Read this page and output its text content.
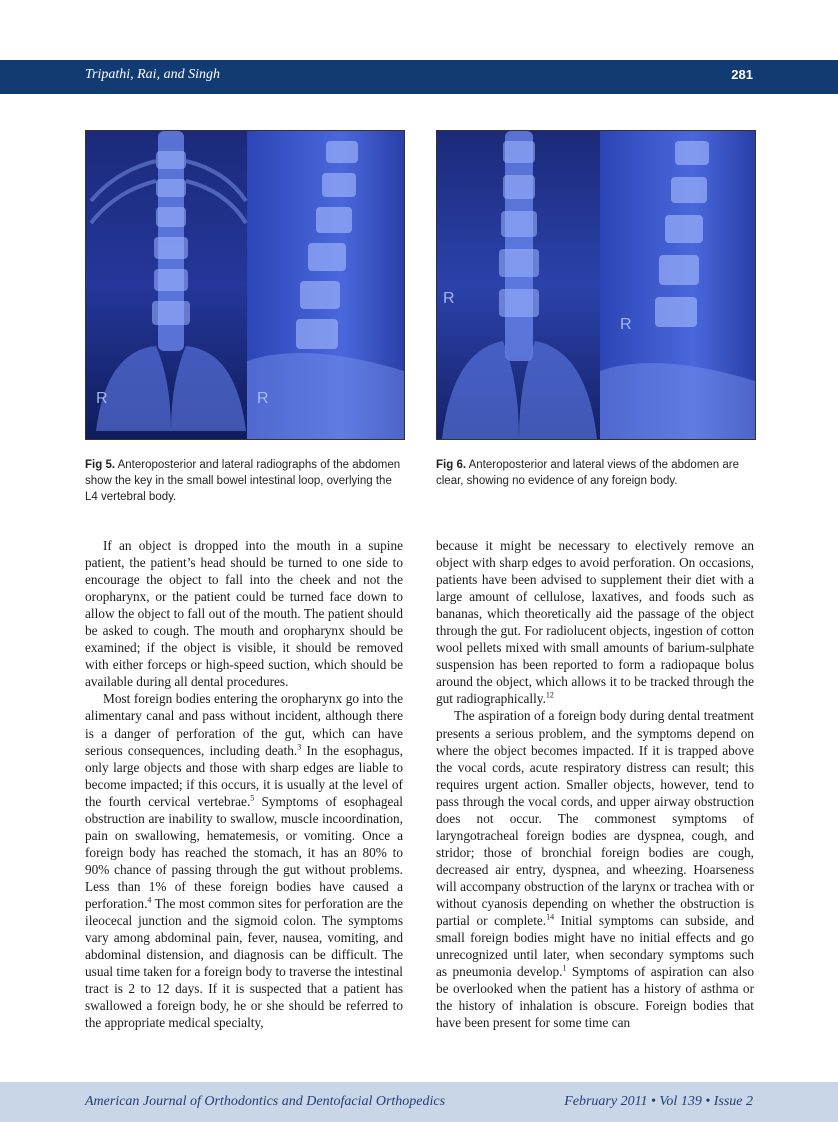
Tripathi, Rai, and Singh	281
R	R
R
R
Fig 5. Anteroposterior and lateral radiographs of the abdomen show the key in the small bowel intestinal loop, overlying the L4 vertebral body.
Fig 6. Anteroposterior and lateral views of the abdomen are clear, showing no evidence of any foreign body.

If an object is dropped into the mouth in a supine patient, the patient’s head should be turned to one side to encourage the object to fall into the cheek and not the oropharynx, or the patient could be turned face down to allow the object to fall out of the mouth. The patient should be asked to cough. The mouth and oropharynx should be examined; if the object is visible, it should be removed with either forceps or high-speed suction, which should be available during all dental procedures.

Most foreign bodies entering the oropharynx go into the alimentary canal and pass without incident, although there is a danger of perforation of the gut, which can have serious consequences, including death.$^3$ In the esophagus, only large objects and those with sharp edges are liable to become impacted; if this occurs, it is usually at the level of the fourth cervical vertebrae.$^5$ Symptoms of esophageal obstruction are inability to swallow, muscle incoordination, pain on swallowing, hematemesis, or vomiting. Once a foreign body has reached the stomach, it has an 80% to 90% chance of passing through the gut without problems. Less than 1% of these foreign bodies have caused a perforation.$^4$ The most common sites for perforation are the ileocecal junction and the sigmoid colon. The symptoms vary among abdominal pain, fever, nausea, vomiting, and abdominal distension, and diagnosis can be difficult. The usual time taken for a foreign body to traverse the intestinal tract is 2 to 12 days. If it is suspected that a patient has swallowed a foreign body, he or she should be referred to the appropriate medical specialty,

because it might be necessary to electively remove an object with sharp edges to avoid perforation. On occasions, patients have been advised to supplement their diet with a large amount of cellulose, laxatives, and foods such as bananas, which theoretically aid the passage of the object through the gut. For radiolucent objects, ingestion of cotton wool pellets mixed with small amounts of barium-sulphate suspension has been reported to form a radiopaque bolus around the object, which allows it to be tracked through the gut radiographically.$^{12}$

The aspiration of a foreign body during dental treatment presents a serious problem, and the symptoms depend on where the object becomes impacted. If it is trapped above the vocal cords, acute respiratory distress can result; this requires urgent action. Smaller objects, however, tend to pass through the vocal cords, and upper airway obstruction does not occur. The commonest symptoms of laryngotracheal foreign bodies are dyspnea, cough, and stridor; those of bronchial foreign bodies are cough, decreased air entry, dyspnea, and wheezing. Hoarseness will accompany obstruction of the larynx or trachea with or without cyanosis depending on whether the obstruction is partial or complete.$^{14}$ Initial symptoms can subside, and small foreign bodies might have no initial effects and go unrecognized until later, when secondary symptoms such as pneumonia develop.$^1$ Symptoms of aspiration can also be overlooked when the patient has a history of asthma or the history of inhalation is obscure. Foreign bodies that have been present for some time can

American Journal of Orthodontics and Dentofacial Orthopedics	February 2011 • Vol 139 • Issue 2
